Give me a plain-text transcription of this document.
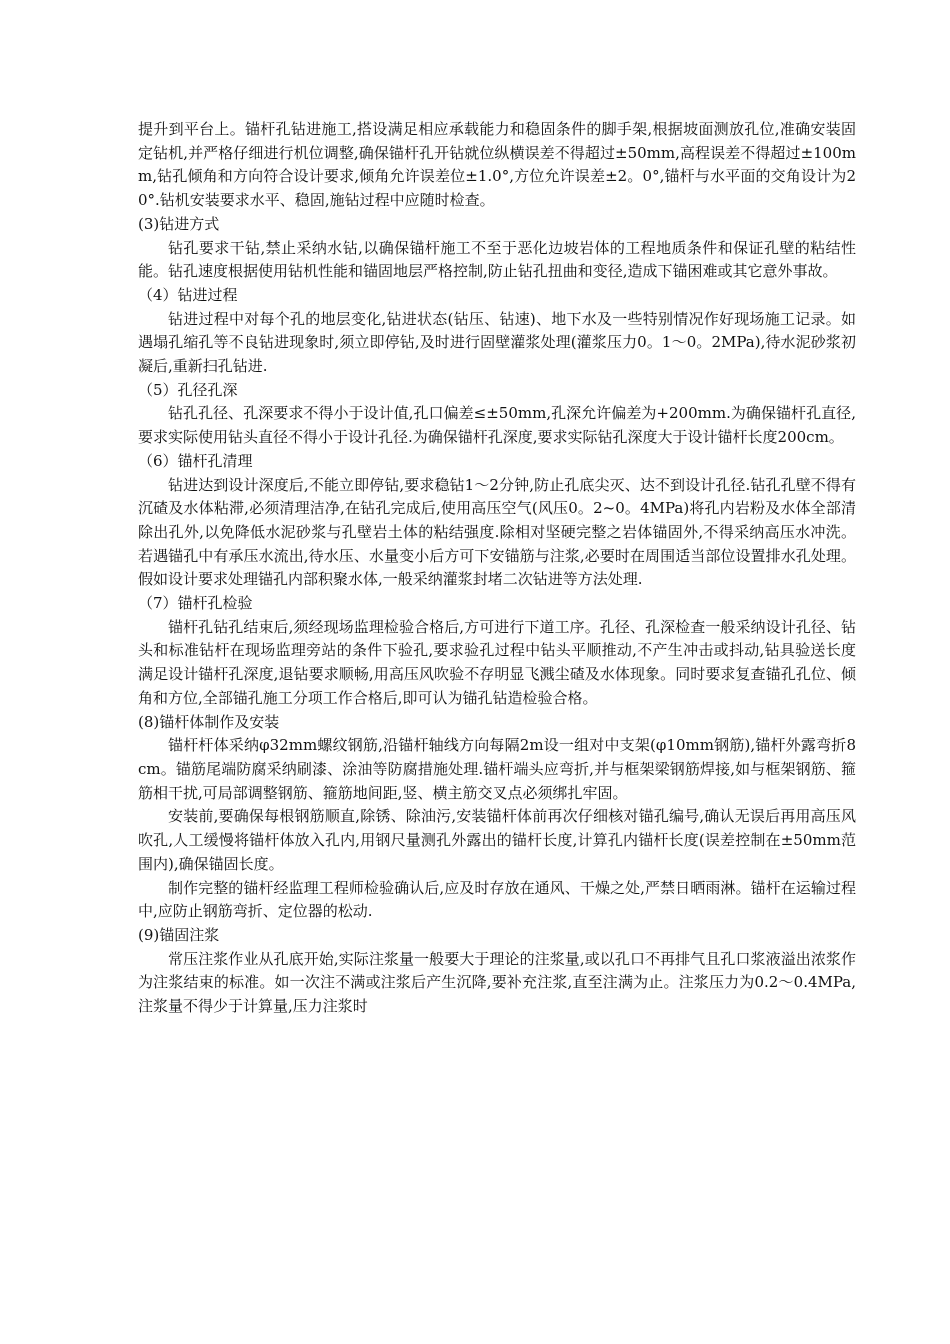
提升到平台上。锚杆孔钻进施工,搭设满足相应承载能力和稳固条件的脚手架,根据坡面测放孔位,准确安装固定钻机,并严格仔细进行机位调整,确保锚杆孔开钻就位纵横误差不得超过±50mm,高程误差不得超过±100mm,钻孔倾角和方向符合设计要求,倾角允许误差位±1.0°,方位允许误差±2。0°,锚杆与水平面的交角设计为20°.钻机安装要求水平、稳固,施钻过程中应随时检查。

(3)钻进方式

钻孔要求干钻,禁止采纳水钻,以确保锚杆施工不至于恶化边坡岩体的工程地质条件和保证孔壁的粘结性能。钻孔速度根据使用钻机性能和锚固地层严格控制,防止钻孔扭曲和变径,造成下锚困难或其它意外事故。

（4）钻进过程

钻进过程中对每个孔的地层变化,钻进状态(钻压、钻速)、地下水及一些特别情况作好现场施工记录。如遇塌孔缩孔等不良钻进现象时,须立即停钻,及时进行固壁灌浆处理(灌浆压力0。1～0。2MPa),待水泥砂浆初凝后,重新扫孔钻进.

（5）孔径孔深

钻孔孔径、孔深要求不得小于设计值,孔口偏差≤±50mm,孔深允许偏差为+200mm.为确保锚杆孔直径,要求实际使用钻头直径不得小于设计孔径.为确保锚杆孔深度,要求实际钻孔深度大于设计锚杆长度200cm。

（6）锚杆孔清理

钻进达到设计深度后,不能立即停钻,要求稳钻1～2分钟,防止孔底尖灭、达不到设计孔径.钻孔孔壁不得有沉碴及水体粘滞,必须清理洁净,在钻孔完成后,使用高压空气(风压0。2~0。4MPa)将孔内岩粉及水体全部清除出孔外,以免降低水泥砂浆与孔壁岩土体的粘结强度.除相对坚硬完整之岩体锚固外,不得采纳高压水冲洗。若遇锚孔中有承压水流出,待水压、水量变小后方可下安锚筋与注浆,必要时在周围适当部位设置排水孔处理。假如设计要求处理锚孔内部积聚水体,一般采纳灌浆封堵二次钻进等方法处理.

（7）锚杆孔检验

锚杆孔钻孔结束后,须经现场监理检验合格后,方可进行下道工序。孔径、孔深检查一般采纳设计孔径、钻头和标准钻杆在现场监理旁站的条件下验孔,要求验孔过程中钻头平顺推动,不产生冲击或抖动,钻具验送长度满足设计锚杆孔深度,退钻要求顺畅,用高压风吹验不存明显飞溅尘碴及水体现象。同时要求复查锚孔孔位、倾角和方位,全部锚孔施工分项工作合格后,即可认为锚孔钻造检验合格。

(8)锚杆体制作及安装

锚杆杆体采纳φ32mm螺纹钢筋,沿锚杆轴线方向每隔2m设一组对中支架(φ10mm钢筋),锚杆外露弯折8cm。锚筋尾端防腐采纳刷漆、涂油等防腐措施处理.锚杆端头应弯折,并与框架梁钢筋焊接,如与框架钢筋、箍筋相干扰,可局部调整钢筋、箍筋地间距,竖、横主筋交叉点必须绑扎牢固。

安装前,要确保每根钢筋顺直,除锈、除油污,安装锚杆体前再次仔细核对锚孔编号,确认无误后再用高压风吹孔,人工缓慢将锚杆体放入孔内,用钢尺量测孔外露出的锚杆长度,计算孔内锚杆长度(误差控制在±50mm范围内),确保锚固长度。

制作完整的锚杆经监理工程师检验确认后,应及时存放在通风、干燥之处,严禁日晒雨淋。锚杆在运输过程中,应防止钢筋弯折、定位器的松动.

(9)锚固注浆

常压注浆作业从孔底开始,实际注浆量一般要大于理论的注浆量,或以孔口不再排气且孔口浆液溢出浓浆作为注浆结束的标准。如一次注不满或注浆后产生沉降,要补充注浆,直至注满为止。注浆压力为0.2～0.4MPa,注浆量不得少于计算量,压力注浆时
